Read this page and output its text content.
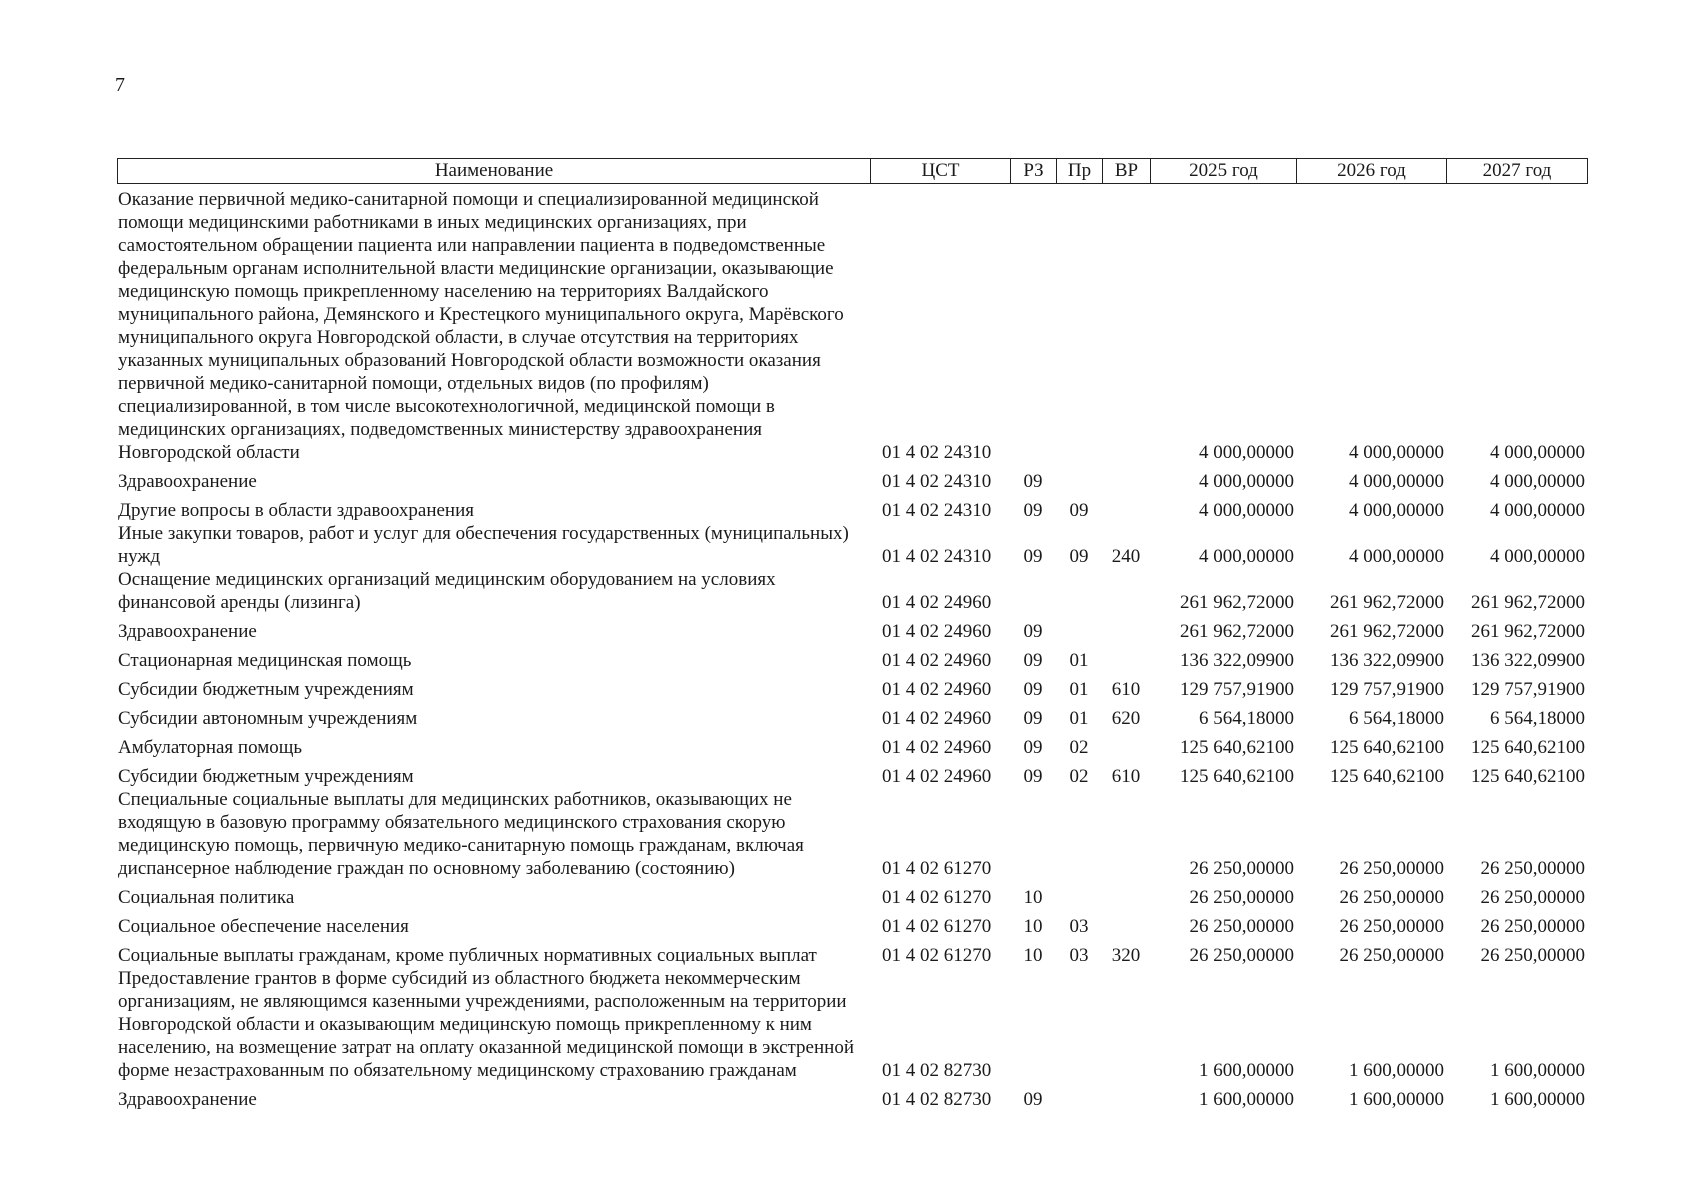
7
Наименование	ЦСТ	РЗ	Пр	ВР	2025 год	2026 год	2027 год
Оказание первичной медико-санитарной помощи и специализированной медицинской помощи медицинскими работниками в иных медицинских организациях, при самостоятельном обращении пациента или направлении пациента в подведомственные федеральным органам исполнительной власти медицинские организации, оказывающие медицинскую помощь прикрепленному населению на территориях Валдайского муниципального района, Демянского и Крестецкого муниципального округа, Марёвского муниципального округа Новгородской области, в случае отсутствия на территориях указанных муниципальных образований Новгородской области возможности оказания первичной медико-санитарной помощи, отдельных видов (по профилям) специализированной, в том числе высокотехнологичной, медицинской помощи в медицинских организациях, подведомственных министерству здравоохранения Новгородской области	01 4 02 24310				4 000,00000	4 000,00000	4 000,00000
Здравоохранение	01 4 02 24310	09			4 000,00000	4 000,00000	4 000,00000
Другие вопросы в области здравоохранения	01 4 02 24310	09	09		4 000,00000	4 000,00000	4 000,00000
Иные закупки товаров, работ и услуг для обеспечения государственных (муниципальных) нужд	01 4 02 24310	09	09	240	4 000,00000	4 000,00000	4 000,00000
Оснащение медицинских организаций медицинским оборудованием на условиях финансовой аренды (лизинга)	01 4 02 24960				261 962,72000	261 962,72000	261 962,72000
Здравоохранение	01 4 02 24960	09			261 962,72000	261 962,72000	261 962,72000
Стационарная медицинская помощь	01 4 02 24960	09	01		136 322,09900	136 322,09900	136 322,09900
Субсидии бюджетным учреждениям	01 4 02 24960	09	01	610	129 757,91900	129 757,91900	129 757,91900
Субсидии автономным учреждениям	01 4 02 24960	09	01	620	6 564,18000	6 564,18000	6 564,18000
Амбулаторная помощь	01 4 02 24960	09	02		125 640,62100	125 640,62100	125 640,62100
Субсидии бюджетным учреждениям	01 4 02 24960	09	02	610	125 640,62100	125 640,62100	125 640,62100
Специальные социальные выплаты для медицинских работников, оказывающих не входящую в базовую программу обязательного медицинского страхования скорую медицинскую помощь, первичную медико-санитарную помощь гражданам, включая диспансерное наблюдение граждан по основному заболеванию (состоянию)	01 4 02 61270				26 250,00000	26 250,00000	26 250,00000
Социальная политика	01 4 02 61270	10			26 250,00000	26 250,00000	26 250,00000
Социальное обеспечение населения	01 4 02 61270	10	03		26 250,00000	26 250,00000	26 250,00000
Социальные выплаты гражданам, кроме публичных нормативных социальных выплат	01 4 02 61270	10	03	320	26 250,00000	26 250,00000	26 250,00000
Предоставление грантов в форме субсидий из областного бюджета некоммерческим организациям, не являющимся казенными учреждениями, расположенным на территории Новгородской области и оказывающим медицинскую помощь прикрепленному к ним населению, на возмещение затрат на оплату оказанной медицинской помощи в экстренной форме незастрахованным по обязательному медицинскому страхованию гражданам	01 4 02 82730				1 600,00000	1 600,00000	1 600,00000
Здравоохранение	01 4 02 82730	09			1 600,00000	1 600,00000	1 600,00000
